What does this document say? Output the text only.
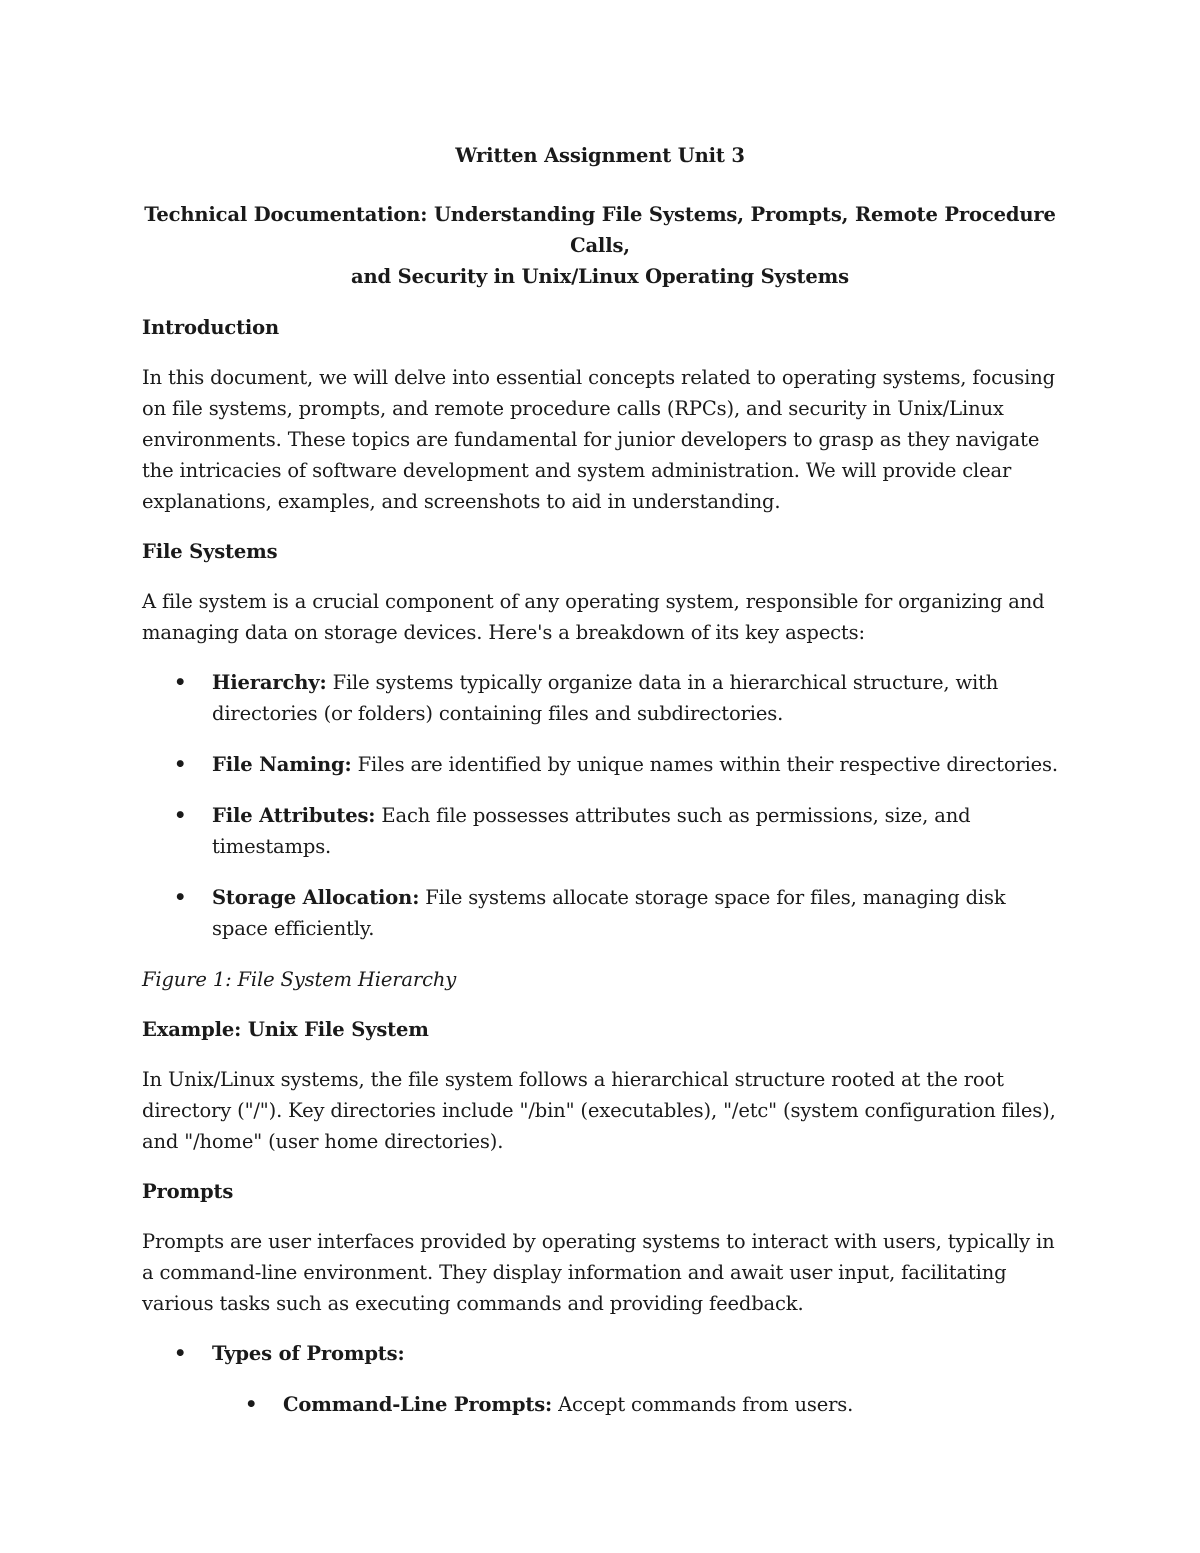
Written Assignment Unit 3
Technical Documentation: Understanding File Systems, Prompts, Remote Procedure Calls,
and Security in Unix/Linux Operating Systems
Introduction

In this document, we will delve into essential concepts related to operating systems, focusing on file systems, prompts, and remote procedure calls (RPCs), and security in Unix/Linux environments. These topics are fundamental for junior developers to grasp as they navigate the intricacies of software development and system administration. We will provide clear explanations, examples, and screenshots to aid in understanding.

File Systems

A file system is a crucial component of any operating system, responsible for organizing and managing data on storage devices. Here's a breakdown of its key aspects:

• Hierarchy: File systems typically organize data in a hierarchical structure, with directories (or folders) containing files and subdirectories.
• File Naming: Files are identified by unique names within their respective directories.
• File Attributes: Each file possesses attributes such as permissions, size, and timestamps.
• Storage Allocation: File systems allocate storage space for files, managing disk space efficiently.

Figure 1: File System Hierarchy

Example: Unix File System

In Unix/Linux systems, the file system follows a hierarchical structure rooted at the root directory ("/"). Key directories include "/bin" (executables), "/etc" (system configuration files), and "/home" (user home directories).

Prompts

Prompts are user interfaces provided by operating systems to interact with users, typically in a command-line environment. They display information and await user input, facilitating various tasks such as executing commands and providing feedback.

• Types of Prompts:
• Command-Line Prompts: Accept commands from users.
